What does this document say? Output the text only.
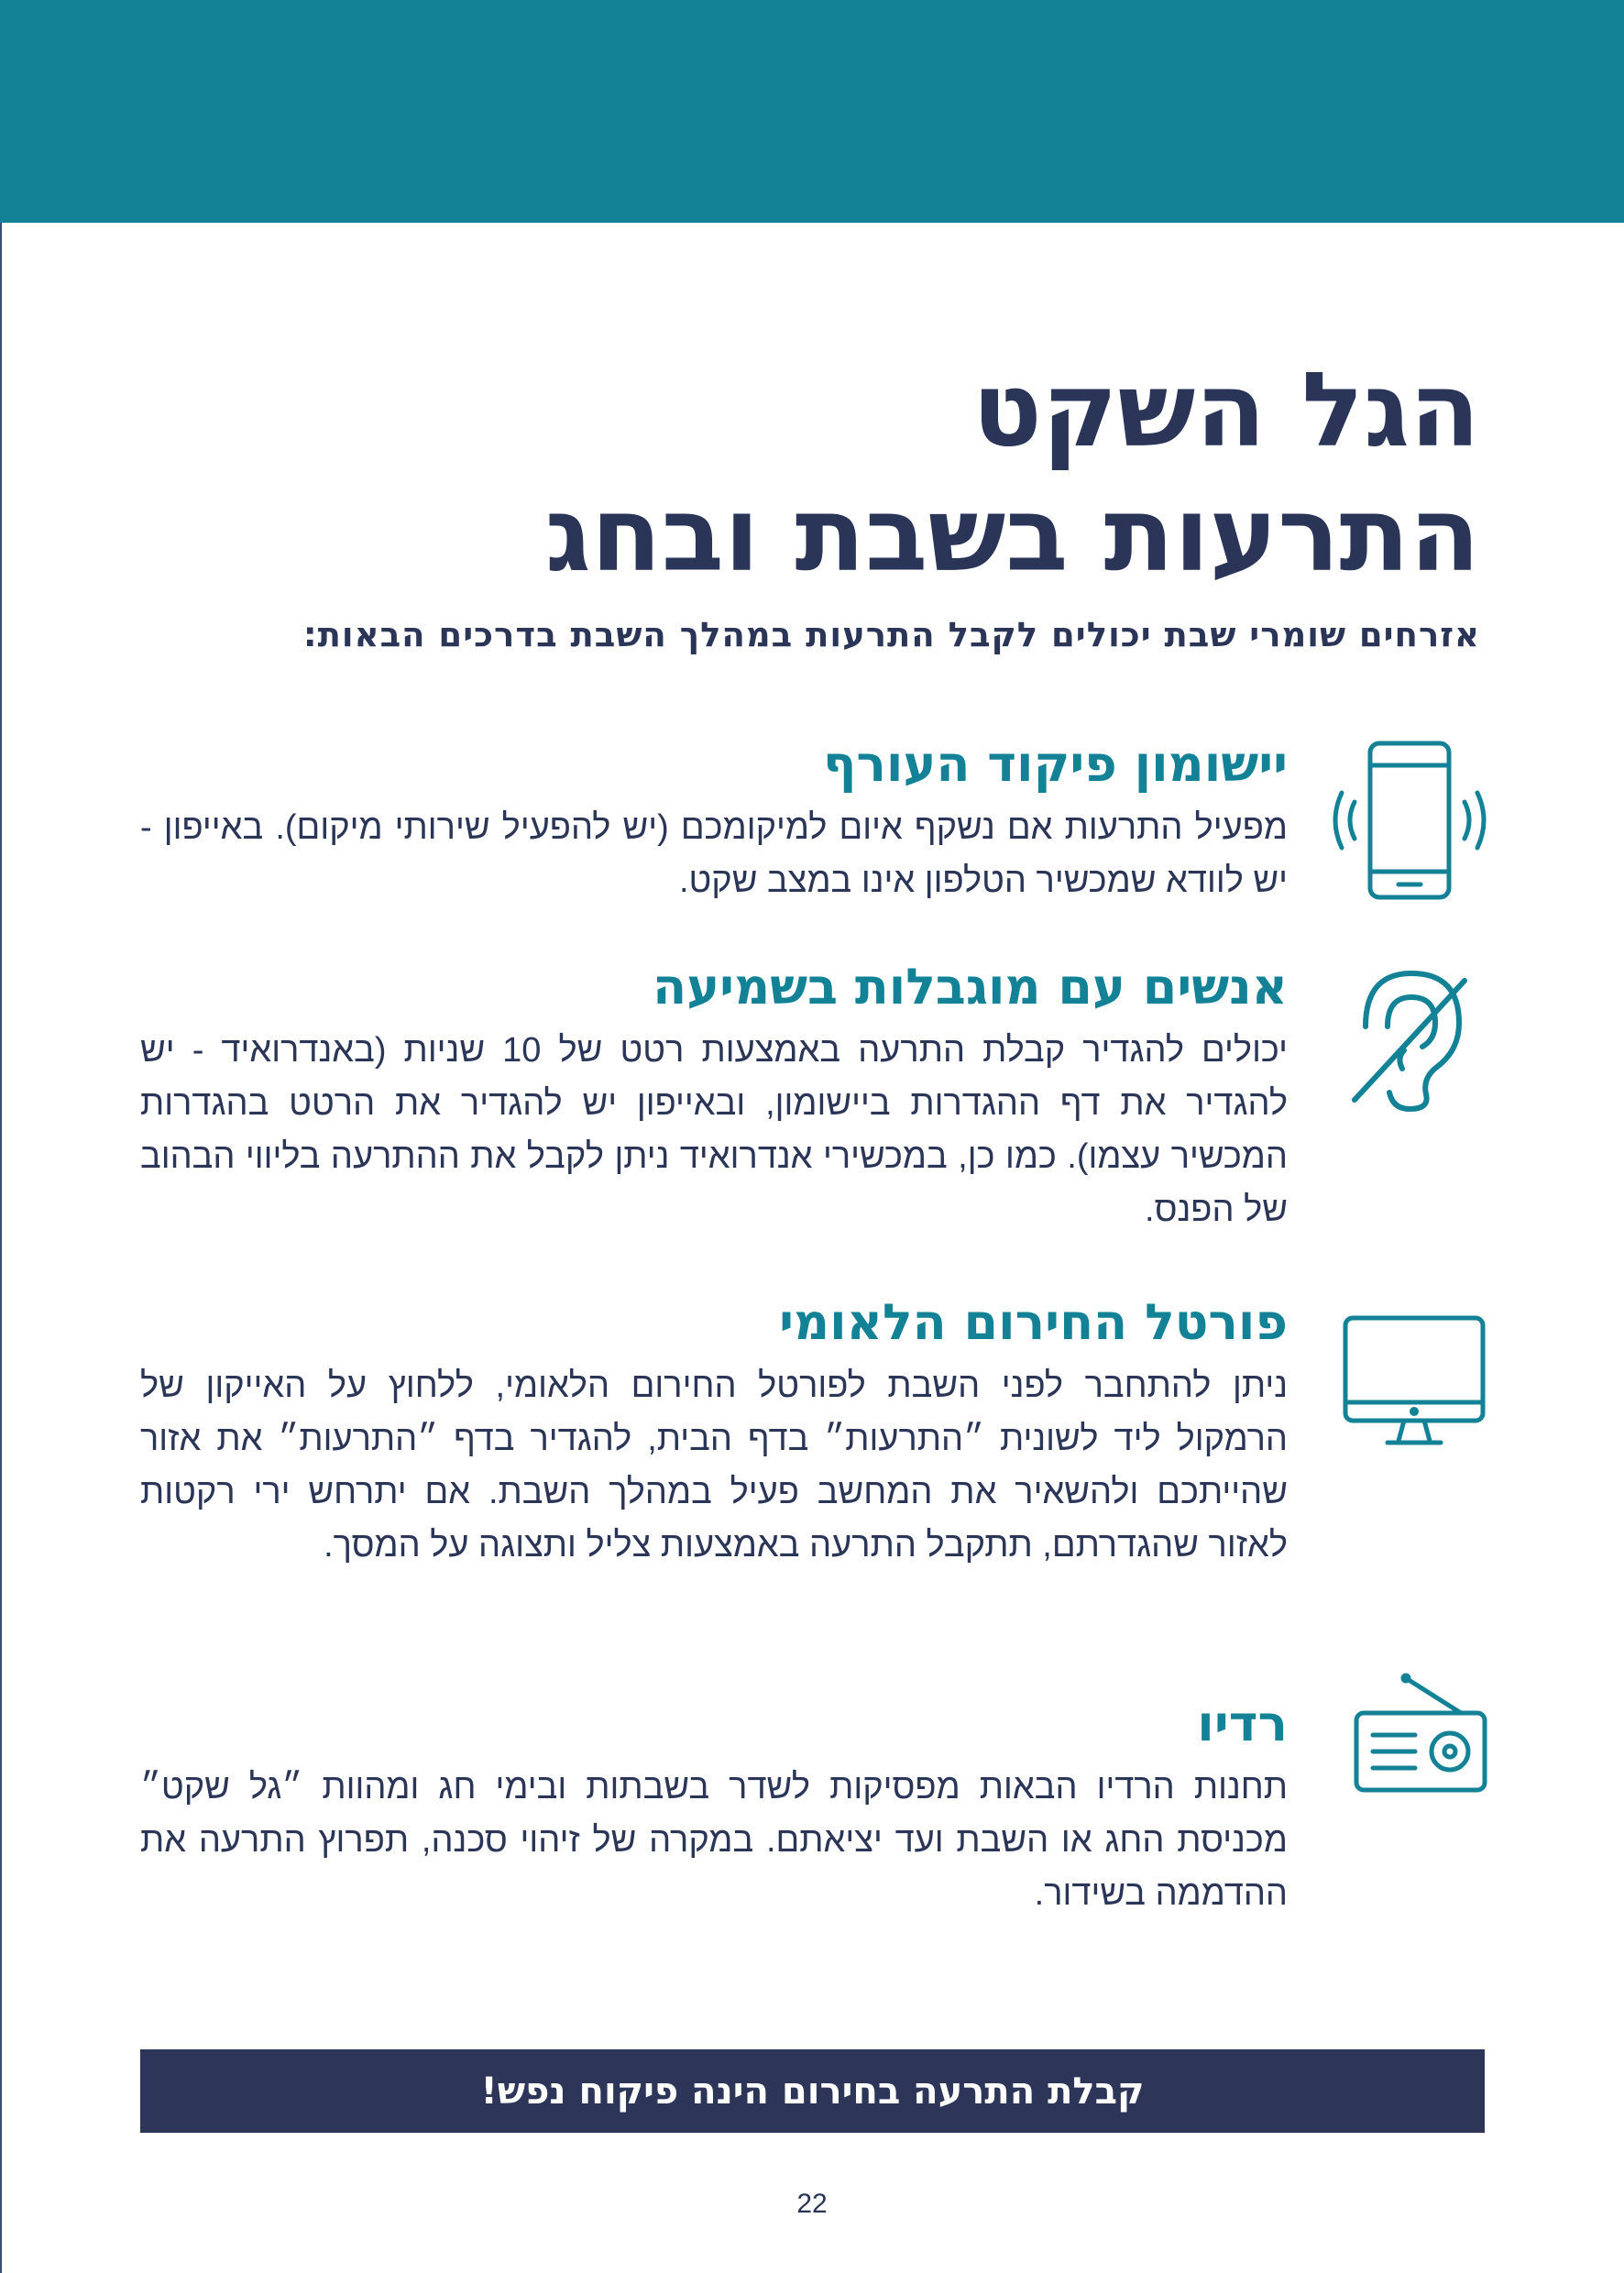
הגל השקט
התרעות בשבת ובחג

אזרחים שומרי שבת יכולים לקבל התרעות במהלך השבת בדרכים הבאות:

יישומון פיקוד העורף

מפעיל התרעות אם נשקף איום למיקומכם (יש להפעיל שירותי מיקום). באייפון - יש לוודא שמכשיר הטלפון אינו במצב שקט.

אנשים עם מוגבלות בשמיעה

יכולים להגדיר קבלת התרעה באמצעות רטט של 10 שניות (באנדרואיד - יש להגדיר את דף ההגדרות ביישומון, ובאייפון יש להגדיר את הרטט בהגדרות המכשיר עצמו). כמו כן, במכשירי אנדרואיד ניתן לקבל את ההתרעה בליווי הבהוב של הפנס.

פורטל החירום הלאומי

ניתן להתחבר לפני השבת לפורטל החירום הלאומי, ללחוץ על האייקון של הרמקול ליד לשונית ״התרעות״ בדף הבית, להגדיר בדף ״התרעות״ את אזור שהייתכם ולהשאיר את המחשב פעיל במהלך השבת. אם יתרחש ירי רקטות לאזור שהגדרתם, תתקבל התרעה באמצעות צליל ותצוגה על המסך.

רדיו

תחנות הרדיו הבאות מפסיקות לשדר בשבתות ובימי חג ומהוות ״גל שקט״ מכניסת החג או השבת ועד יציאתם. במקרה של זיהוי סכנה, תפרוץ התרעה את ההדממה בשידור.

קבלת התרעה בחירום הינה פיקוח נפש!
22
